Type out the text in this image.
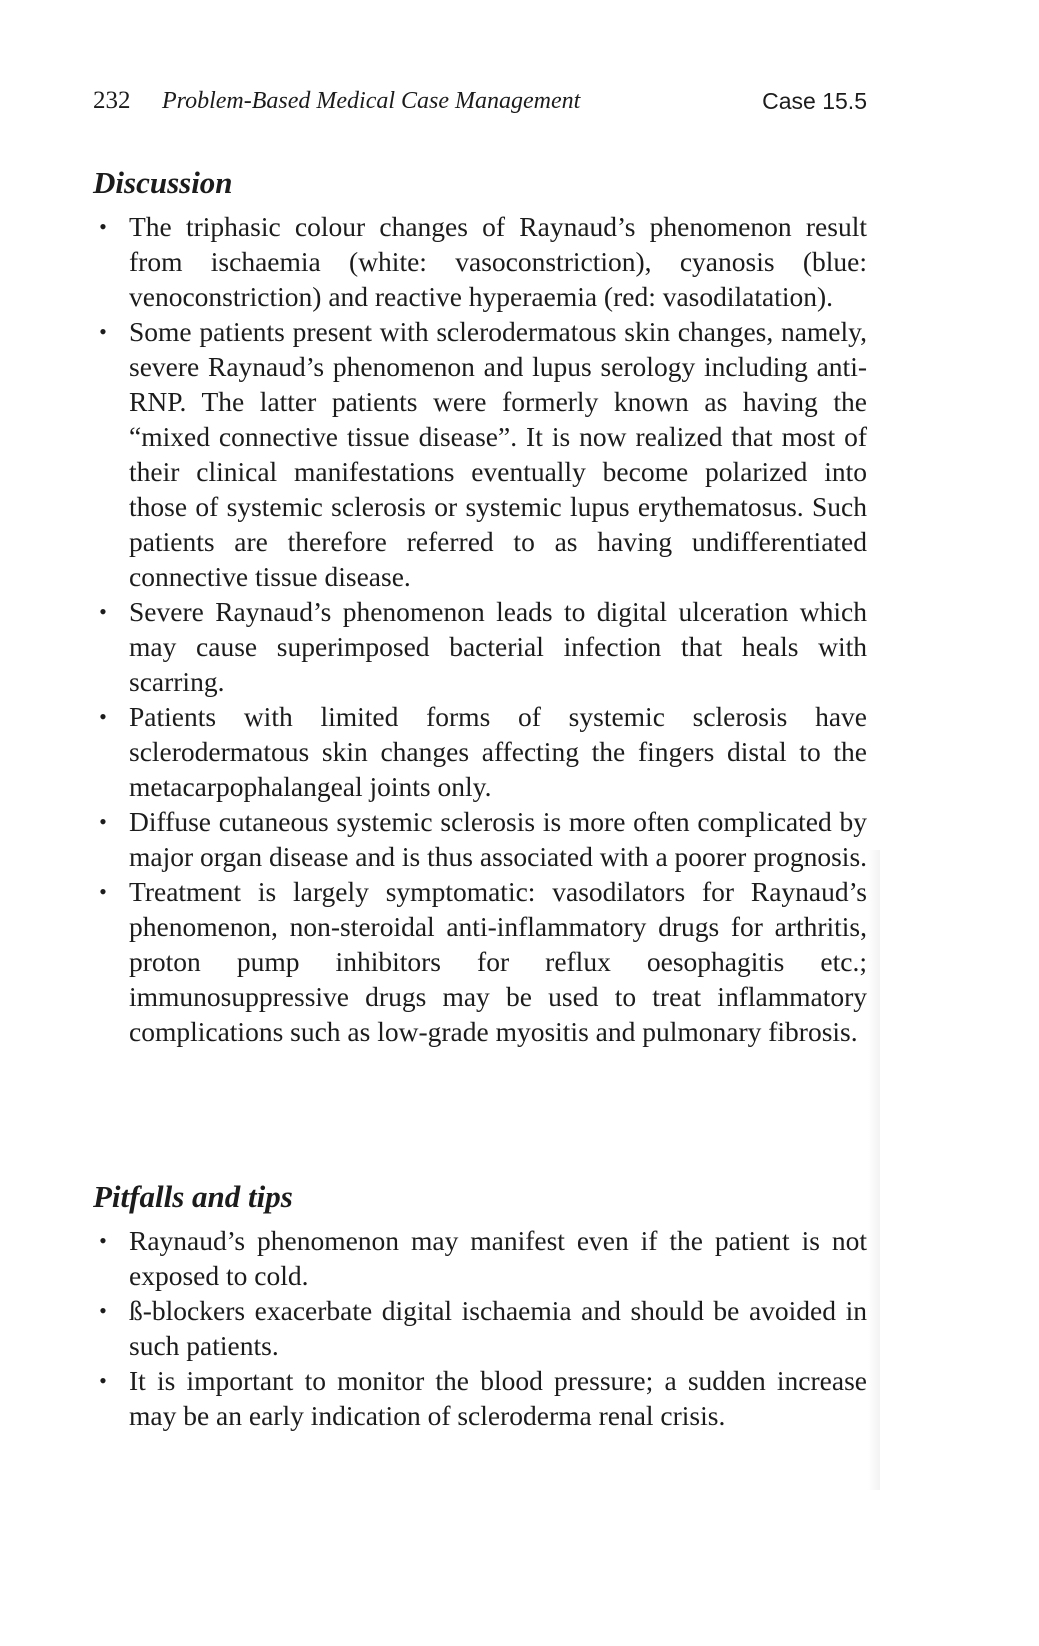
232 Problem-Based Medical Case Management	Case 15.5
Discussion
• The triphasic colour changes of Raynaud’s phenomenon result from ischaemia (white: vasoconstriction), cyanosis (blue: venoconstriction) and reactive hyperaemia (red: vasodilatation).
• Some patients present with sclerodermatous skin changes, namely, severe Raynaud’s phenomenon and lupus serology including anti-RNP. The latter patients were formerly known as having the “mixed connective tissue disease”. It is now realized that most of their clinical manifestations eventually become polarized into those of systemic sclerosis or systemic lupus erythematosus. Such patients are therefore referred to as having undifferentiated connective tissue disease.
• Severe Raynaud’s phenomenon leads to digital ulceration which may cause superimposed bacterial infection that heals with scarring.
• Patients with limited forms of systemic sclerosis have sclerodermatous skin changes affecting the fingers distal to the metacarpophalangeal joints only.
• Diffuse cutaneous systemic sclerosis is more often complicated by major organ disease and is thus associated with a poorer prognosis.
• Treatment is largely symptomatic: vasodilators for Raynaud’s phenomenon, non-steroidal anti-inflammatory drugs for arthritis, proton pump inhibitors for reflux oesophagitis etc.; immunosuppressive drugs may be used to treat inflammatory complications such as low-grade myositis and pulmonary fibrosis.
Pitfalls and tips
• Raynaud’s phenomenon may manifest even if the patient is not exposed to cold.
• ß-blockers exacerbate digital ischaemia and should be avoided in such patients.
• It is important to monitor the blood pressure; a sudden increase may be an early indication of scleroderma renal crisis.
